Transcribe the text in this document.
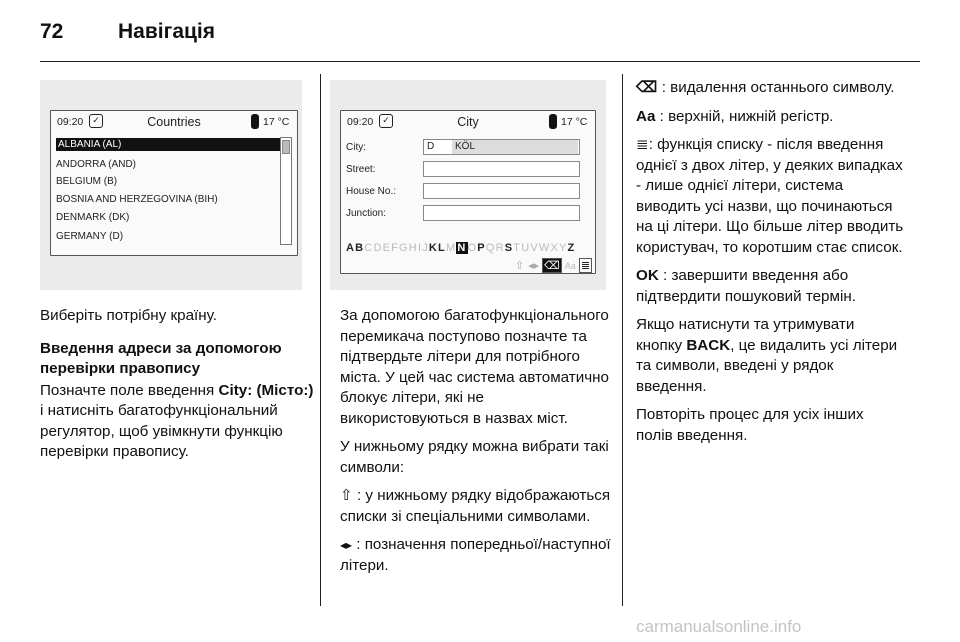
72	Навігація
09:20 ✓	Countries	17 °C
ALBANIA (AL)
ANDORRA (AND)
BELGIUM (B)
BOSNIA AND HERZEGOVINA (BIH)
DENMARK (DK)
GERMANY (D)
09:20 ✓	City	17 °C
City:	D	KÖL
Street:
House No.:
Junction:
ABCDEFGHIJKLMNOPQRSTUVWXYZ
⇧ ◂▸ ⌫ Aa ≣

Виберіть потрібну країну.

Введення адреси за допомогою перевірки правопису

Позначте поле введення City: (Місто:) і натисніть багатофункціональний регулятор, щоб увімкнути функцію перевірки правопису.

За допомогою багатофункціонального перемикача поступово позначте та підтвердьте літери для потрібного міста. У цей час система автоматично блокує літери, які не використовуються в назвах міст.

У нижньому рядку можна вибрати такі символи:

⇧ : у нижньому рядку відображаються списки зі спеціальними символами.

◂▸ : позначення попередньої/наступної літери.

⌫ : видалення останнього символу.

Aa : верхній, нижній регістр.

≣: функція списку - після введення однієї з двох літер, у деяких випадках - лише однієї літери, система виводить усі назви, що починаються на ці літери. Що більше літер вводить користувач, то коротшим стає список.

OK : завершити введення або підтвердити пошуковий термін.

Якщо натиснути та утримувати кнопку BACK, це видалить усі літери та символи, введені у рядок введення.

Повторіть процес для усіх інших полів введення.

carmanualsonline.info
